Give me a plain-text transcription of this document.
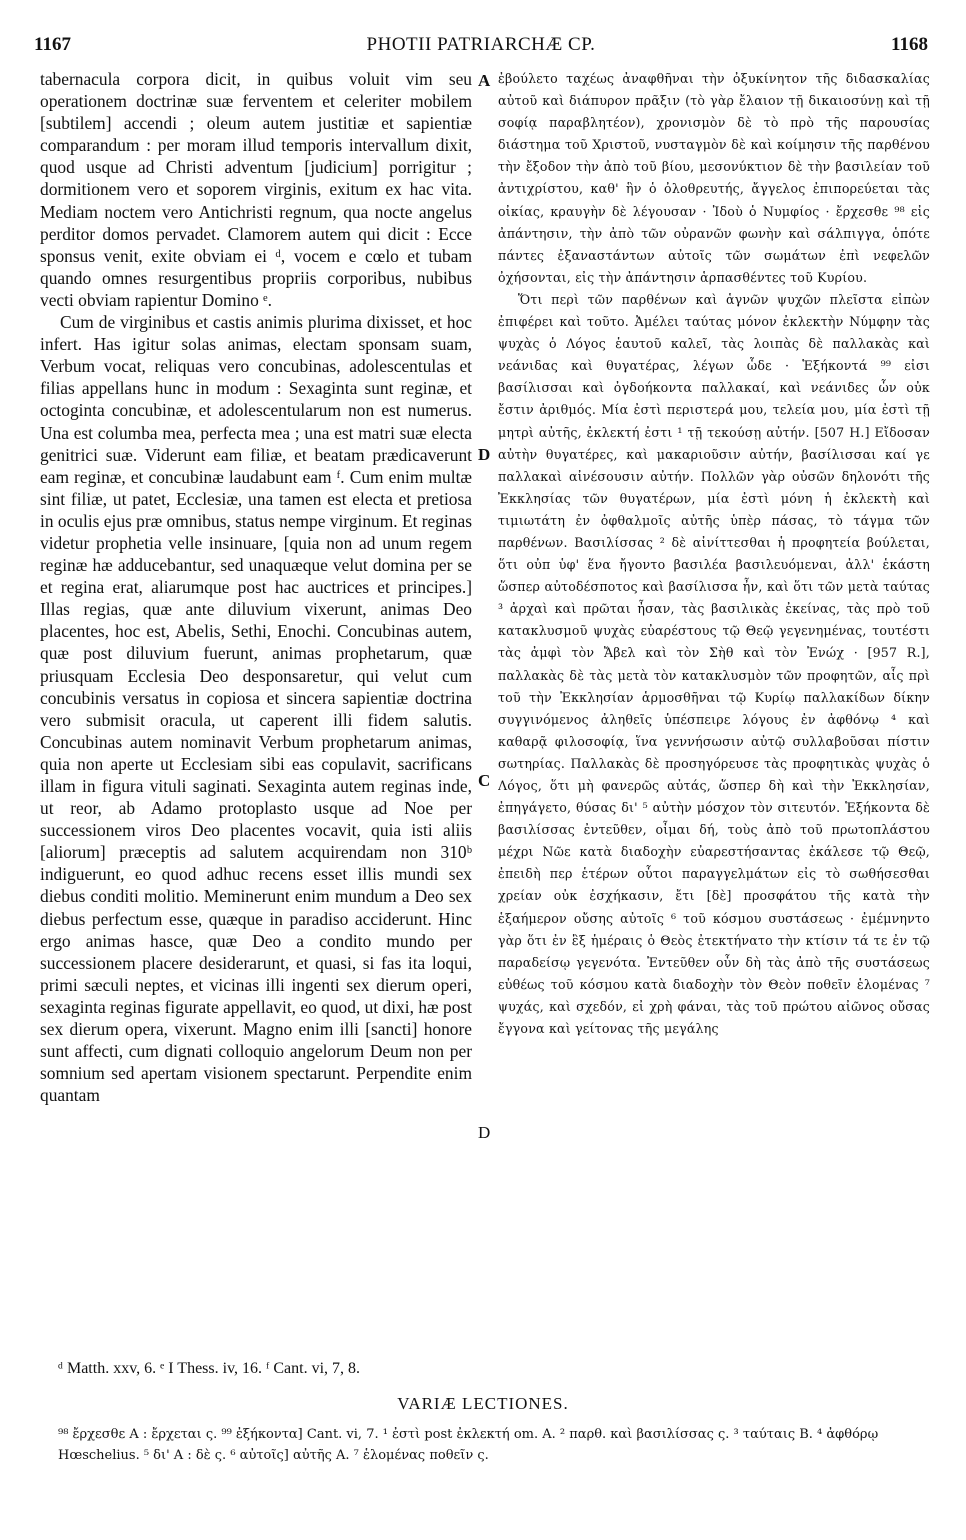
1167	PHOTII PATRIARCHÆ CP.	1168

tabernacula corpora dicit, in quibus voluit vim seu operationem doctrinæ suæ ferventem et celeriter mobilem [subtilem] accendi ; oleum autem justitiæ et sapientiæ comparandum : per moram illud temporis intervallum dixit, quod usque ad Christi adventum [judicium] porrigitur ; dormitionem vero et soporem virginis, exitum ex hac vita. Mediam noctem vero Antichristi regnum, qua nocte angelus perditor domos pervadet. Clamorem autem qui dicit : Ecce sponsus venit, exite obviam ei ᵈ, vocem e cœlo et tubam quando omnes resurgentibus propriis corporibus, nubibus vecti obviam rapientur Domino ᵉ.

Cum de virginibus et castis animis plurima dixisset, et hoc infert. Has igitur solas animas, electam sponsam suam, Verbum vocat, reliquas vero concubinas, adolescentulas et filias appellans hunc in modum : Sexaginta sunt reginæ, et octoginta concubinæ, et adolescentularum non est numerus. Una est columba mea, perfecta mea ; una est matri suæ electa genitrici suæ. Viderunt eam filiæ, et beatam prædicaverunt eam reginæ, et concubinæ laudabunt eam ᶠ. Cum enim multæ sint filiæ, ut patet, Ecclesiæ, una tamen est electa et pretiosa in oculis ejus præ omnibus, status nempe virginum. Et reginas videtur prophetia velle insinuare, [quia non ad unum regem reginæ hæ adducebantur, sed unaquæque velut domina per se et regina erat, aliarumque post hac auctrices et principes.] Illas regias, quæ ante diluvium vixerunt, animas Deo placentes, hoc est, Abelis, Sethi, Enochi. Concubinas autem, quæ post diluvium fuerunt, animas prophetarum, quæ priusquam Ecclesia Deo desponsaretur, qui velut cum concubinis versatus in copiosa et sincera sapientiæ doctrina vero submisit oracula, ut caperent illi fidem salutis. Concubinas autem nominavit Verbum prophetarum animas, quia non aperte ut Ecclesiam sibi eas copulavit, sacrificans illam in figura vituli saginati. Sexaginta autem reginas inde, ut reor, ab Adamo protoplasto usque ad Noe per successionem viros Deo placentes vocavit, quia isti aliis [aliorum] præceptis ad salutem acquirendam non 310ᵇ indiguerunt, eo quod adhuc recens esset illis mundi sex diebus conditi molitio. Meminerunt enim mundum a Deo sex diebus perfectum esse, quæque in paradiso acciderunt. Hinc ergo animas hasce, quæ Deo a condito mundo per successionem placere desiderarunt, et quasi, si fas ita loqui, primi sæculi neptes, et vicinas illi ingenti sex dierum operi, sexaginta reginas figurate appellavit, eo quod, ut dixi, hæ post sex dierum opera, vixerunt. Magno enim illi [sancti] honore sunt affecti, cum dignati colloquio angelorum Deum non per somnium sed apertam visionem spectarunt. Perpendite enim quantam

A
D
C
D

ἐβούλετο ταχέως ἀναφθῆναι τὴν ὀξυκίνητον τῆς διδασκαλίας αὐτοῦ καὶ διάπυρον πρᾶξιν (τὸ γὰρ ἔλαιον τῇ δικαιοσύνῃ καὶ τῇ σοφίᾳ παραβλητέον), χρονισμὸν δὲ τὸ πρὸ τῆς παρουσίας διάστημα τοῦ Χριστοῦ, νυσταγμὸν δὲ καὶ κοίμησιν τῆς παρθένου τὴν ἔξοδον τὴν ἀπὸ τοῦ βίου, μεσονύκτιον δὲ τὴν βασιλείαν τοῦ ἀντιχρίστου, καθ' ἣν ὁ ὀλοθρευτής, ἄγγελος ἐπιπορεύεται τὰς οἰκίας, κραυγὴν δὲ λέγουσαν · Ἰδοὺ ὁ Νυμφίος · ἔρχεσθε ⁹⁸ εἰς ἀπάντησιν, τὴν ἀπὸ τῶν οὐρανῶν φωνὴν καὶ σάλπιγγα, ὁπότε πάντες ἐξαναστάντων αὐτοῖς τῶν σωμάτων ἐπὶ νεφελῶν ὀχήσονται, εἰς τὴν ἀπάντησιν ἁρπασθέντες τοῦ Κυρίου.

Ὅτι περὶ τῶν παρθένων καὶ ἁγνῶν ψυχῶν πλεῖστα εἰπὼν ἐπιφέρει καὶ τοῦτο. Ἀμέλει ταύτας μόνον ἐκλεκτὴν Νύμφην τὰς ψυχὰς ὁ Λόγος ἑαυτοῦ καλεῖ, τὰς λοιπὰς δὲ παλλακὰς καὶ νεάνιδας καὶ θυγατέρας, λέγων ὧδε · Ἑξήκοντά ⁹⁹ εἰσι βασίλισσαι καὶ ὀγδοήκοντα παλλακαί, καὶ νεάνιδες ὧν οὐκ ἔστιν ἀριθμός. Μία ἐστὶ περιστερά μου, τελεία μου, μία ἐστὶ τῇ μητρὶ αὐτῆς, ἐκλεκτή ἐστι ¹ τῇ τεκούσῃ αὐτήν. [507 H.] Εἴδοσαν αὐτὴν θυγατέρες, καὶ μακαριοῦσιν αὐτήν, βασίλισσαι καί γε παλλακαὶ αἰνέσουσιν αὐτήν. Πολλῶν γὰρ οὐσῶν δηλονότι τῆς Ἐκκλησίας τῶν θυγατέρων, μία ἐστὶ μόνη ἡ ἐκλεκτὴ καὶ τιμιωτάτη ἐν ὀφθαλμοῖς αὐτῆς ὑπὲρ πάσας, τὸ τάγμα τῶν παρθένων. Βασιλίσσας ² δὲ αἰνίττεσθαι ἡ προφητεία βούλεται, ὅτι οὐπ ὑφ' ἕνα ἤγοντο βασιλέα βασιλευόμεναι, ἀλλ' ἑκάστη ὥσπερ αὐτοδέσποτος καὶ βασίλισσα ἦν, καὶ ὅτι τῶν μετὰ ταύτας ³ ἀρχαὶ καὶ πρῶται ἦσαν, τὰς βασιλικὰς ἐκείνας, τὰς πρὸ τοῦ κατακλυσμοῦ ψυχὰς εὐαρέστους τῷ Θεῷ γεγενημένας, τουτέστι τὰς ἀμφὶ τὸν Ἄβελ καὶ τὸν Σὴθ καὶ τὸν Ἐνώχ · [957 R.], παλλακὰς δὲ τὰς μετὰ τὸν κατακλυσμὸν τῶν προφητῶν, αἷς πρὶ τοῦ τὴν Ἐκκλησίαν ἁρμοσθῆναι τῷ Κυρίῳ παλλακίδων δίκην συγγινόμενος ἀληθεῖς ὑπέσπειρε λόγους ἐν ἀφθόνῳ ⁴ καὶ καθαρᾷ φιλοσοφίᾳ, ἵνα γεννήσωσιν αὐτῷ συλλαβοῦσαι πίστιν σωτηρίας. Παλλακὰς δὲ προσηγόρευσε τὰς προφητικὰς ψυχὰς ὁ Λόγος, ὅτι μὴ φανερῶς αὐτάς, ὥσπερ δὴ καὶ τὴν Ἐκκλησίαν, ἐπηγάγετο, θύσας δι' ⁵ αὐτὴν μόσχον τὸν σιτευτόν. Ἑξήκοντα δὲ βασιλίσσας ἐντεῦθεν, οἶμαι δή, τοὺς ἀπὸ τοῦ πρωτοπλάστου μέχρι Νῶε κατὰ διαδοχὴν εὐαρεστήσαντας ἐκάλεσε τῷ Θεῷ, ἐπειδὴ περ ἑτέρων οὗτοι παραγγελμάτων εἰς τὸ σωθήσεσθαι χρείαν οὐκ ἐσχήκασιν, ἔτι [δὲ] προσφάτου τῆς κατὰ τὴν ἑξαήμερον οὔσης αὐτοῖς ⁶ τοῦ κόσμου συστάσεως · ἐμέμνηντο γὰρ ὅτι ἐν ἓξ ἡμέραις ὁ Θεὸς ἐτεκτήνατο τὴν κτίσιν τά τε ἐν τῷ παραδείσῳ γεγενότα. Ἐντεῦθεν οὖν δὴ τὰς ἀπὸ τῆς συστάσεως εὐθέως τοῦ κόσμου κατὰ διαδοχὴν τὸν Θεὸν ποθεῖν ἑλομένας ⁷ ψυχάς, καὶ σχεδόν, εἰ χρὴ φάναι, τὰς τοῦ πρώτου αἰῶνος οὔσας ἔγγονα καὶ γείτονας τῆς μεγάλης

ᵈ Matth. xxv, 6. ᵉ I Thess. iv, 16. ᶠ Cant. vi, 7, 8.
VARIÆ LECTIONES.
⁹⁸ ἔρχεσθε A : ἔρχεται ς. ⁹⁹ ἐξήκοντα] Cant. vi, 7. ¹ ἐστὶ post ἐκλεκτή om. A. ² παρθ. καὶ βασιλίσσας ς. ³ ταύταις B. ⁴ ἀφθόρῳ Hœschelius. ⁵ δι' A : δὲ ς. ⁶ αὐτοῖς] αὐτῆς A. ⁷ ἑλομένας ποθεῖν ς.
